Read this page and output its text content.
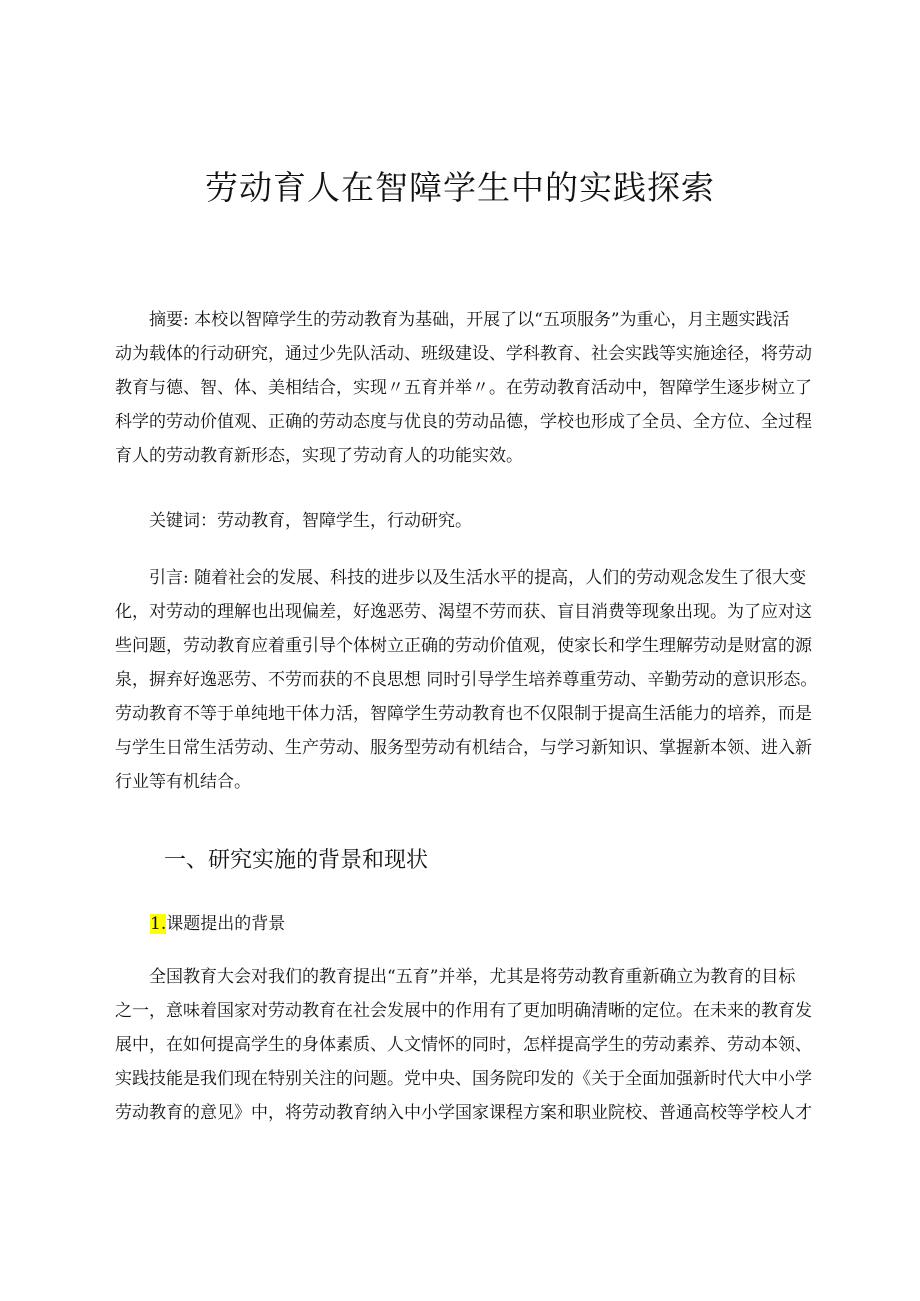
劳动育人在智障学生中的实践探索

摘要: 本校以智障学生的劳动教育为基础，开展了以“五项服务”为重心，月主题实践活
动为载体的行动研究，通过少先队活动、班级建设、学科教育、社会实践等实施途径，将劳动
教育与德、智、体、美相结合，实现〃五育并举〃。在劳动教育活动中，智障学生逐步树立了
科学的劳动价值观、正确的劳动态度与优良的劳动品德，学校也形成了全员、全方位、全过程
育人的劳动教育新形态，实现了劳动育人的功能实效。

关键词：劳动教育，智障学生，行动研究。

引言: 随着社会的发展、科技的进步以及生活水平的提高，人们的劳动观念发生了很大变
化，对劳动的理解也出现偏差，好逸恶劳、渴望不劳而获、盲目消费等现象出现。为了应对这
些问题，劳动教育应着重引导个体树立正确的劳动价值观，使家长和学生理解劳动是财富的源
泉，摒弃好逸恶劳、不劳而获的不良思想 同时引导学生培养尊重劳动、辛勤劳动的意识形态。
劳动教育不等于单纯地干体力活，智障学生劳动教育也不仅限制于提高生活能力的培养，而是
与学生日常生活劳动、生产劳动、服务型劳动有机结合，与学习新知识、掌握新本领、进入新
行业等有机结合。

一、研究实施的背景和现状
1.课题提出的背景

全国教育大会对我们的教育提出“五育”并举，尤其是将劳动教育重新确立为教育的目标
之一，意味着国家对劳动教育在社会发展中的作用有了更加明确清晰的定位。在未来的教育发
展中，在如何提高学生的身体素质、人文情怀的同时，怎样提高学生的劳动素养、劳动本领、
实践技能是我们现在特别关注的问题。党中央、国务院印发的《关于全面加强新时代大中小学
劳动教育的意见》中，将劳动教育纳入中小学国家课程方案和职业院校、普通高校等学校人才
